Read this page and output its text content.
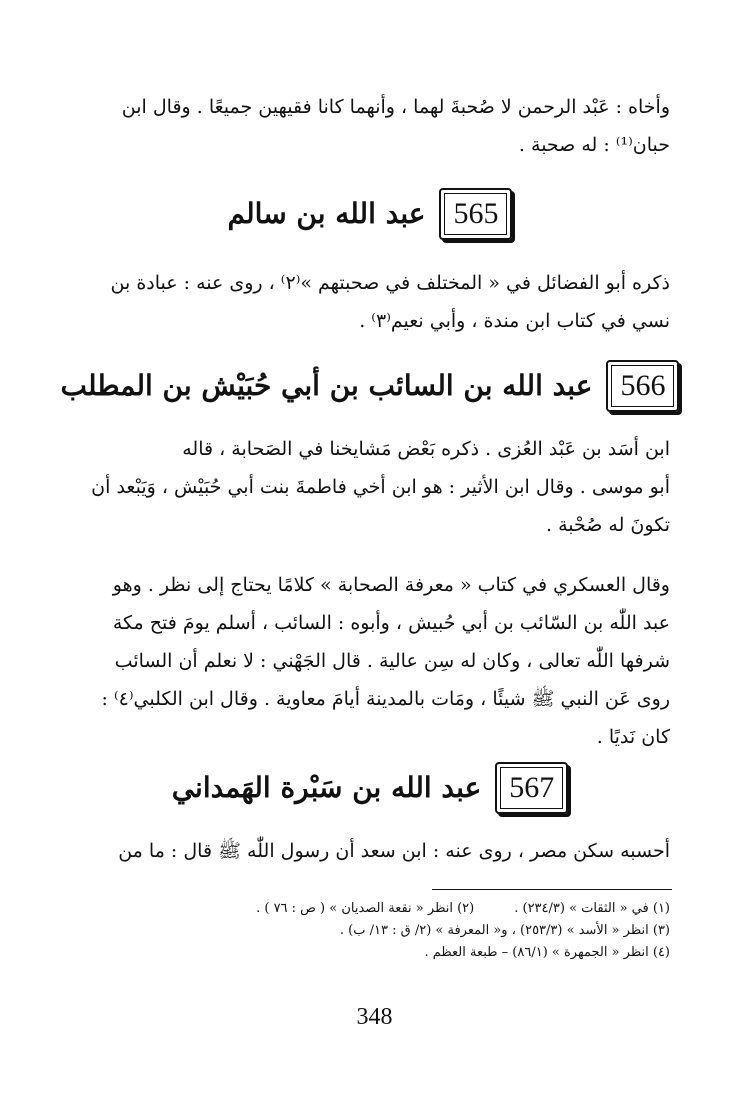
وأخاه : عَبْد الرحمن لا صُحبةَ لهما ، وأنهما كانا فقيهين جميعًا . وقال ابن
حبان⁽¹⁾ : له صحبة .
565
عبد الله بن سالم
ذكره أبو الفضائل في « المختلف في صحبتهم »⁽٢⁾ ، روى عنه : عبادة بن
نسي في كتاب ابن مندة ، وأبي نعيم⁽٣⁾ .
566
عبد الله بن السائب بن أبي حُبَيْش بن المطلب
ابن أسَد بن عَبْد العُزى . ذكره بَعْض مَشايخنا في الصَحابة ، قاله
أبو موسى . وقال ابن الأثير : هو ابن أخي فاطمةَ بنت أبي حُبَيْش ، وَيَبْعد أن
تكونَ له صُحْبة .
وقال العسكري في كتاب « معرفة الصحابة » كلامًا يحتاج إلى نظر . وهو
عبد اللّٰه بن السّائب بن أبي حُبيش ، وأبوه : السائب ، أسلم يومَ فتح مكة
شرفها اللّٰه تعالى ، وكان له سِن عالية . قال الجَهْني : لا نعلم أن السائب
روى عَن النبي ﷺ شيئًا ، ومَات بالمدينة أيامَ معاوية . وقال ابن الكلبي⁽٤⁾ :
كان نَديًا .
567
عبد الله بن سَبْرة الهَمداني
أحسبه سكن مصر ، روى عنه : ابن سعد أن رسول اللّٰه ﷺ قال : ما من
(١) في « الثقات » (٢٣٤/٣) .
(٢) انظر « نقعة الصديان » ( ص : ٧٦ ) .
(٣) انظر « الأسد » (٢٥٣/٣) ، و« المعرفة » (٢/ ق : ١٣/ ب) .
(٤) انظر « الجمهرة » (٨٦/١) – طبعة العظم .
348
